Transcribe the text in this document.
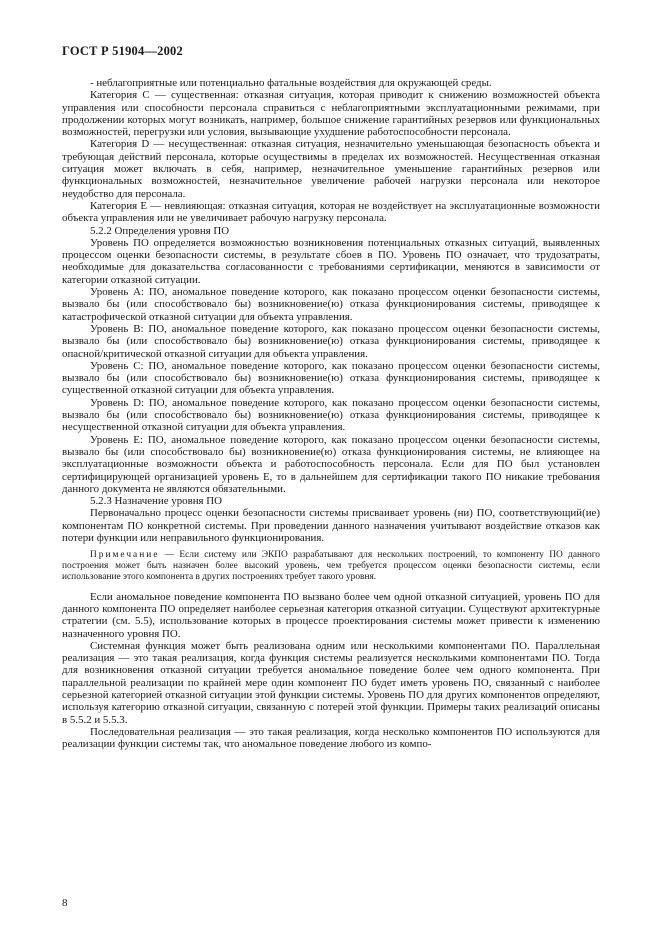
ГОСТ Р 51904—2002

- неблагоприятные или потенциально фатальные воздействия для окружающей среды.

Категория С — существенная: отказная ситуация, которая приводит к снижению возможностей объекта управления или способности персонала справиться с неблагоприятными эксплуатационными режимами, при продолжении которых могут возникать, например, большое снижение гарантийных резервов или функциональных возможностей, перегрузки или условия, вызывающие ухудшение работоспособности персонала.

Категория D — несущественная: отказная ситуация, незначительно уменьшающая безопасность объекта и требующая действий персонала, которые осуществимы в пределах их возможностей. Несущественная отказная ситуация может включать в себя, например, незначительное уменьшение гарантийных резервов или функциональных возможностей, незначительное увеличение рабочей нагрузки персонала или некоторое неудобство для персонала.

Категория Е — невлияющая: отказная ситуация, которая не воздействует на эксплуатационные возможности объекта управления или не увеличивает рабочую нагрузку персонала.

5.2.2 Определения уровня ПО

Уровень ПО определяется возможностью возникновения потенциальных отказных ситуаций, выявленных процессом оценки безопасности системы, в результате сбоев в ПО. Уровень ПО означает, что трудозатраты, необходимые для доказательства согласованности с требованиями сертификации, меняются в зависимости от категории отказной ситуации.

Уровень А: ПО, аномальное поведение которого, как показано процессом оценки безопасности системы, вызвало бы (или способствовало бы) возникновение(ю) отказа функционирования системы, приводящее к катастрофической отказной ситуации для объекта управления.

Уровень В: ПО, аномальное поведение которого, как показано процессом оценки безопасности системы, вызвало бы (или способствовало бы) возникновение(ю) отказа функционирования системы, приводящее к опасной/критической отказной ситуации для объекта управления.

Уровень С: ПО, аномальное поведение которого, как показано процессом оценки безопасности системы, вызвало бы (или способствовало бы) возникновение(ю) отказа функционирования системы, приводящее к существенной отказной ситуации для объекта управления.

Уровень D: ПО, аномальное поведение которого, как показано процессом оценки безопасности системы, вызвало бы (или способствовало бы) возникновение(ю) отказа функционирования системы, приводящее к несущественной отказной ситуации для объекта управления.

Уровень Е: ПО, аномальное поведение которого, как показано процессом оценки безопасности системы, вызвало бы (или способствовало бы) возникновение(ю) отказа функционирования системы, не влияющее на эксплуатационные возможности объекта и работоспособность персонала. Если для ПО был установлен сертифицирующей организацией уровень Е, то в дальнейшем для сертификации такого ПО никакие требования данного документа не являются обязательными.

5.2.3 Назначение уровня ПО

Первоначально процесс оценки безопасности системы присваивает уровень (ни) ПО, соответствующий(ие) компонентам ПО конкретной системы. При проведении данного назначения учитывают воздействие отказов как потери функции или неправильного функционирования.

Примечание — Если систему или ЭКПО разрабатывают для нескольких построений, то компоненту ПО данного построения может быть назначен более высокий уровень, чем требуется процессом оценки безопасности системы, если использование этого компонента в других построениях требует такого уровня.

Если аномальное поведение компонента ПО вызвано более чем одной отказной ситуацией, уровень ПО для данного компонента ПО определяет наиболее серьезная категория отказной ситуации. Существуют архитектурные стратегии (см. 5.5), использование которых в процессе проектирования системы может привести к изменению назначенного уровня ПО.

Системная функция может быть реализована одним или несколькими компонентами ПО. Параллельная реализация — это такая реализация, когда функция системы реализуется несколькими компонентами ПО. Тогда для возникновения отказной ситуации требуется аномальное поведение более чем одного компонента. При параллельной реализации по крайней мере один компонент ПО будет иметь уровень ПО, связанный с наиболее серьезной категорией отказной ситуации этой функции системы. Уровень ПО для других компонентов определяют, используя категорию отказной ситуации, связанную с потерей этой функции. Примеры таких реализаций описаны в 5.5.2 и 5.5.3.

Последовательная реализация — это такая реализация, когда несколько компонентов ПО используются для реализации функции системы так, что аномальное поведение любого из компо-

8
